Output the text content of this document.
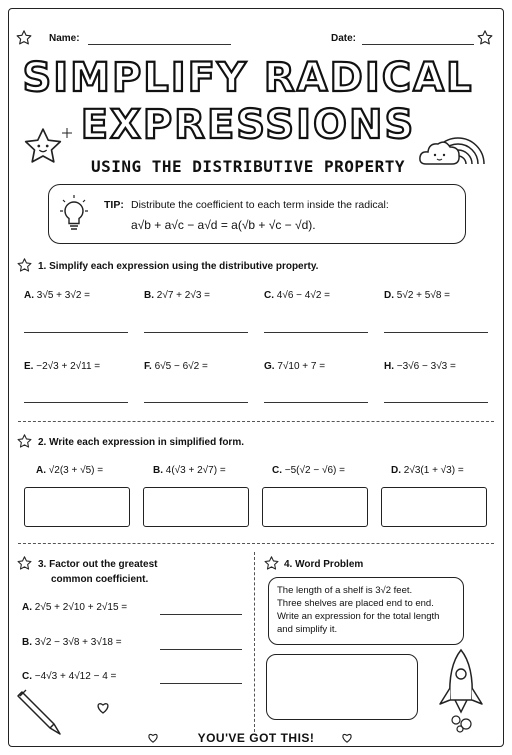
Name:	Date:
SIMPLIFY RADICAL
EXPRESSIONS
USING THE DISTRIBUTIVE PROPERTY
TIP: Distribute the coefficient to each term inside the radical:
a√b + a√c − a√d = a(√b + √c − √d).
1. Simplify each expression using the distributive property.
A. 3√5 + 3√2 =	B. 2√7 + 2√3 =	C. 4√6 − 4√2 =	D. 5√2 + 5√8 =
E. −2√3 + 2√11 =	F. 6√5 − 6√2 =	G. 7√10 + 7 =	H. −3√6 − 3√3 =
2. Write each expression in simplified form.
A. √2(3 + √5) =	B. 4(√3 + 2√7) =	C. −5(√2 − √6) =	D. 2√3(1 + √3) =
3. Factor out the greatest
common coefficient.
A. 2√5 + 2√10 + 2√15 =
B. 3√2 − 3√8 + 3√18 =
C. −4√3 + 4√12 − 4 =
4. Word Problem
The length of a shelf is 3√2 feet.
Three shelves are placed end to end.
Write an expression for the total length
and simplify it.
YOU'VE GOT THIS!
